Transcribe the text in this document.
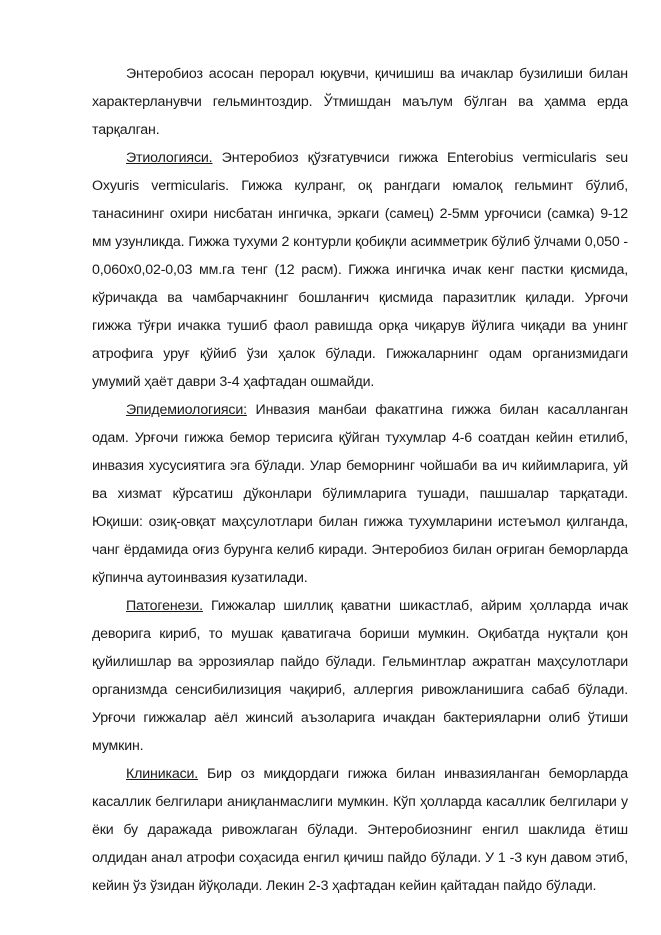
Энтеробиоз асосан перорал юқувчи, қичишиш ва ичаклар бузилиши билан характерланувчи гельминтоздир. Ўтмишдан маълум бўлган ва ҳамма ерда тарқалган.

Этиологияси. Энтеробиоз қўзғатувчиси гижжа Enterobius vermicularis seu Oxyuris vermicularis. Гижжа кулранг, оқ рангдаги юмалоқ гельминт бўлиб, танасининг охири нисбатан ингичка, эркаги (самец) 2-5мм урғочиси (самка) 9-12 мм узунликда. Гижжа тухуми 2 контурли қобиқли асимметрик бўлиб ўлчами 0,050 - 0,060х0,02-0,03 мм.га тенг (12 расм). Гижжа ингичка ичак кенг пастки қисмида, кўричакда ва чамбарчакнинг бошланғич қисмида паразитлик қилади. Урғочи гижжа тўғри ичакка тушиб фаол равишда орқа чиқарув йўлига чиқади ва унинг атрофига уруғ қўйиб ўзи ҳалок бўлади. Гижжаларнинг одам организмидаги умумий ҳаёт даври 3-4 ҳафтадан ошмайди.

Эпидемиологияси: Инвазия манбаи факатгина гижжа билан касалланган одам. Урғочи гижжа бемор терисига қўйган тухумлар 4-6 соатдан кейин етилиб, инвазия хусусиятига эга бўлади. Улар беморнинг чойшаби ва ич кийимларига, уй ва хизмат кўрсатиш дўконлари бўлимларига тушади, пашшалар тарқатади. Юқиши: озиқ-овқат маҳсулотлари билан гижжа тухумларини истеъмол қилганда, чанг ёрдамида оғиз бурунга келиб киради. Энтеробиоз билан оғриган беморларда кўпинча аутоинвазия кузатилади.

Патогенези. Гижжалар шиллиқ қаватни шикастлаб, айрим ҳолларда ичак деворига кириб, то мушак қаватигача бориши мумкин. Оқибатда нуқтали қон қуйилишлар ва эррозиялар пайдо бўлади. Гельминтлар ажратган маҳсулотлари организмда сенсибилизиция чақириб, аллергия ривожланишига сабаб бўлади. Урғочи гижжалар аёл жинсий аъзоларига ичакдан бактерияларни олиб ўтиши мумкин.

Клиникаси. Бир оз миқдордаги гижжа билан инвазияланган беморларда касаллик белгилари аниқланмаслиги мумкин. Кўп ҳолларда касаллик белгилари у ёки бу даражада ривожлаган бўлади. Энтеробиознинг енгил шаклида ётиш олдидан анал атрофи соҳасида енгил қичиш пайдо бўлади. У 1 -3 кун давом этиб, кейин ўз ўзидан йўқолади. Лекин 2-3 ҳафтадан кейин қайтадан пайдо бўлади.
